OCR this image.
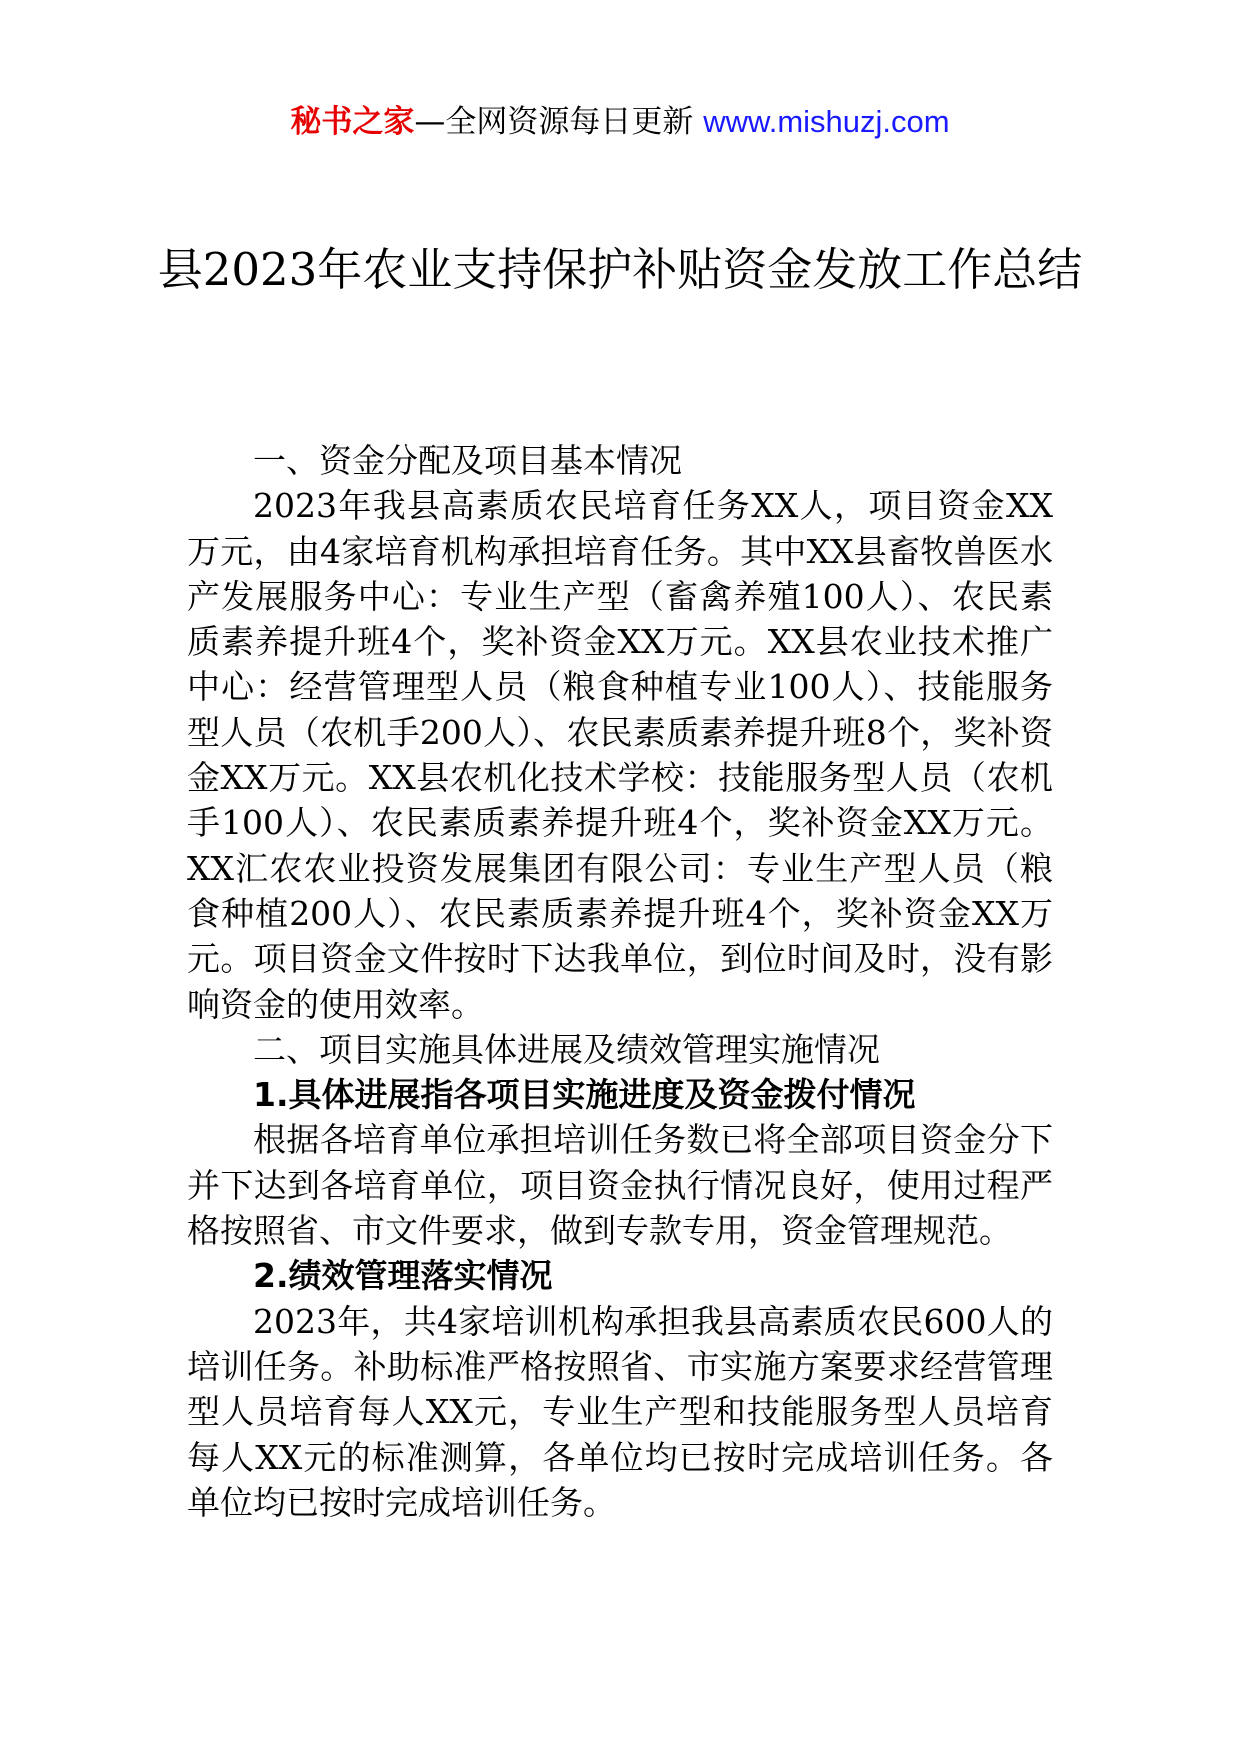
秘书之家—全网资源每日更新 www.mishuzj.com
县2023年农业支持保护补贴资金发放工作总结

一、资金分配及项目基本情况

2023年我县高素质农民培育任务XX人，项目资金XX万元，由4家培育机构承担培育任务。其中XX县畜牧兽医水产发展服务中心：专业生产型（畜禽养殖100人）、农民素质素养提升班4个，奖补资金XX万元。XX县农业技术推广中心：经营管理型人员（粮食种植专业100人）、技能服务型人员（农机手200人）、农民素质素养提升班8个，奖补资金XX万元。XX县农机化技术学校：技能服务型人员（农机手100人）、农民素质素养提升班4个，奖补资金XX万元。XX汇农农业投资发展集团有限公司：专业生产型人员（粮食种植200人）、农民素质素养提升班4个，奖补资金XX万元。项目资金文件按时下达我单位，到位时间及时，没有影响资金的使用效率。

二、项目实施具体进展及绩效管理实施情况

1.具体进展指各项目实施进度及资金拨付情况

根据各培育单位承担培训任务数已将全部项目资金分下并下达到各培育单位，项目资金执行情况良好，使用过程严格按照省、市文件要求，做到专款专用，资金管理规范。

2.绩效管理落实情况

2023年，共4家培训机构承担我县高素质农民600人的培训任务。补助标准严格按照省、市实施方案要求经营管理型人员培育每人XX元，专业生产型和技能服务型人员培育每人XX元的标准测算，各单位均已按时完成培训任务。各单位均已按时完成培训任务。
